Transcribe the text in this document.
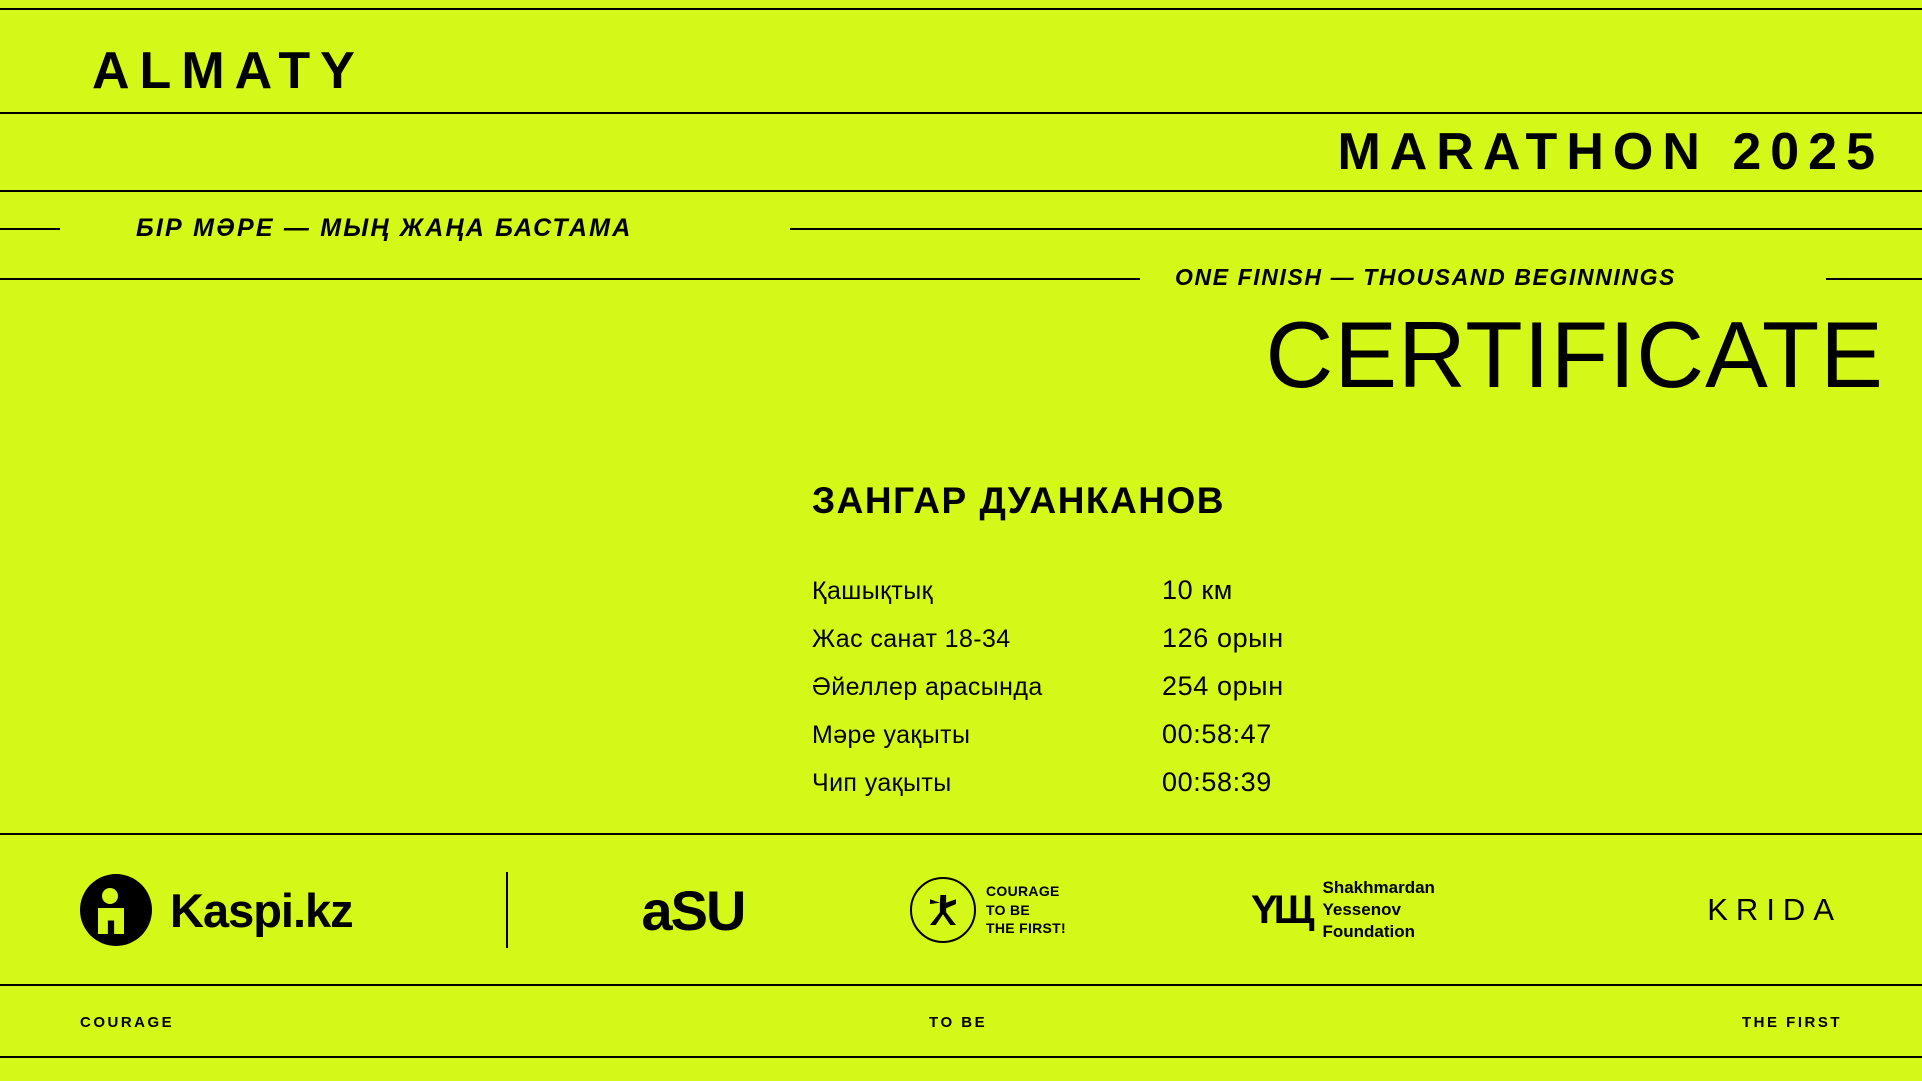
ALMATY
MARATHON 2025
БІР МӘРЕ — МЫҢ ЖАҢА БАСТАМА
ONE FINISH — THOUSAND BEGINNINGS
CERTIFICATE
ЗАНГАР ДУАНКАНОВ
Қашықтық	10 км
Жас санат 18-34	126 орын
Әйеллер арасында	254 орын
Мәре уақыты	00:58:47
Чип уақыты	00:58:39
Kaspi.kz	aSU	COURAGE
TO BE
THE FIRST!	YЩ
Shakhmardan
Yessenov
Foundation
KRIDA
COURAGE	TO BE	THE FIRST
